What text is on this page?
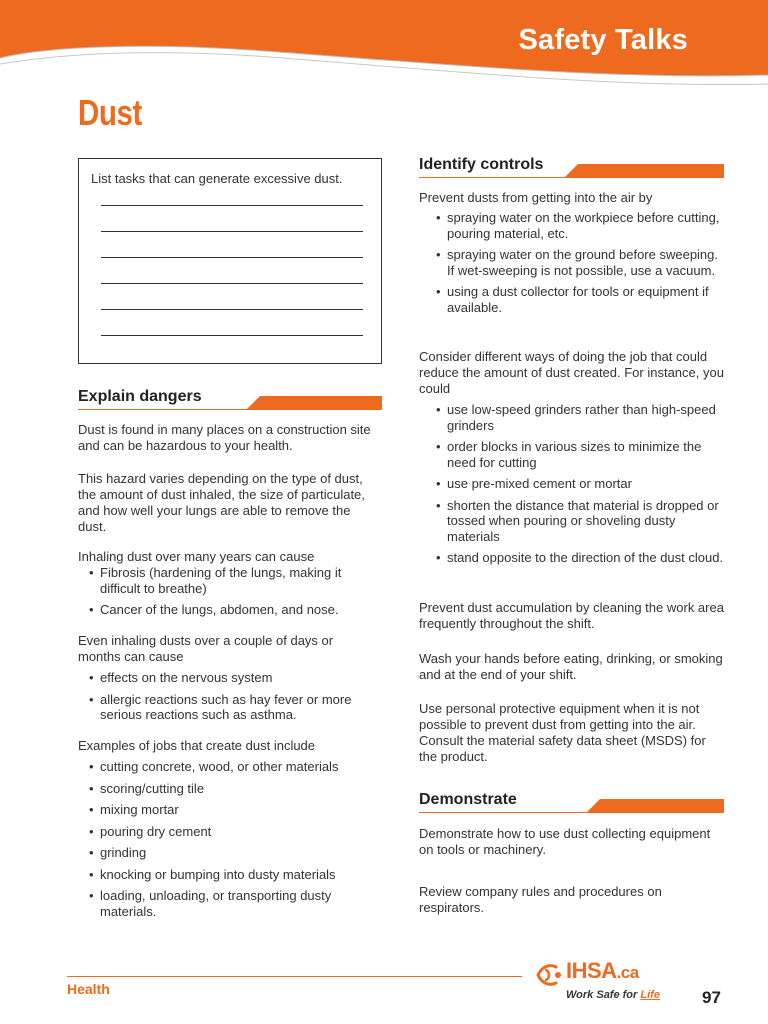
Safety Talks
Dust
List tasks that can generate excessive dust.
Explain dangers

Dust is found in many places on a construction site and can be hazardous to your health.

This hazard varies depending on the type of dust, the amount of dust inhaled, the size of particulate, and how well your lungs are able to remove the dust.

Inhaling dust over many years can cause

• Fibrosis (hardening of the lungs, making it difficult to breathe)
• Cancer of the lungs, abdomen, and nose.

Even inhaling dusts over a couple of days or months can cause

• effects on the nervous system
• allergic reactions such as hay fever or more serious reactions such as asthma.

Examples of jobs that create dust include

• cutting concrete, wood, or other materials
• scoring/cutting tile
• mixing mortar
• pouring dry cement
• grinding
• knocking or bumping into dusty materials
• loading, unloading, or transporting dusty materials.
Identify controls

Prevent dusts from getting into the air by

• spraying water on the workpiece before cutting, pouring material, etc.
• spraying water on the ground before sweeping. If wet-sweeping is not possible, use a vacuum.
• using a dust collector for tools or equipment if available.

Consider different ways of doing the job that could reduce the amount of dust created. For instance, you could

• use low-speed grinders rather than high-speed grinders
• order blocks in various sizes to minimize the need for cutting
• use pre-mixed cement or mortar
• shorten the distance that material is dropped or tossed when pouring or shoveling dusty materials
• stand opposite to the direction of the dust cloud.

Prevent dust accumulation by cleaning the work area frequently throughout the shift.

Wash your hands before eating, drinking, or smoking and at the end of your shift.

Use personal protective equipment when it is not possible to prevent dust from getting into the air. Consult the material safety data sheet (MSDS) for the product.

Demonstrate

Demonstrate how to use dust collecting equipment on tools or machinery.

Review company rules and procedures on respirators.

Health
IHSA.ca
Work Safe for Life 97
